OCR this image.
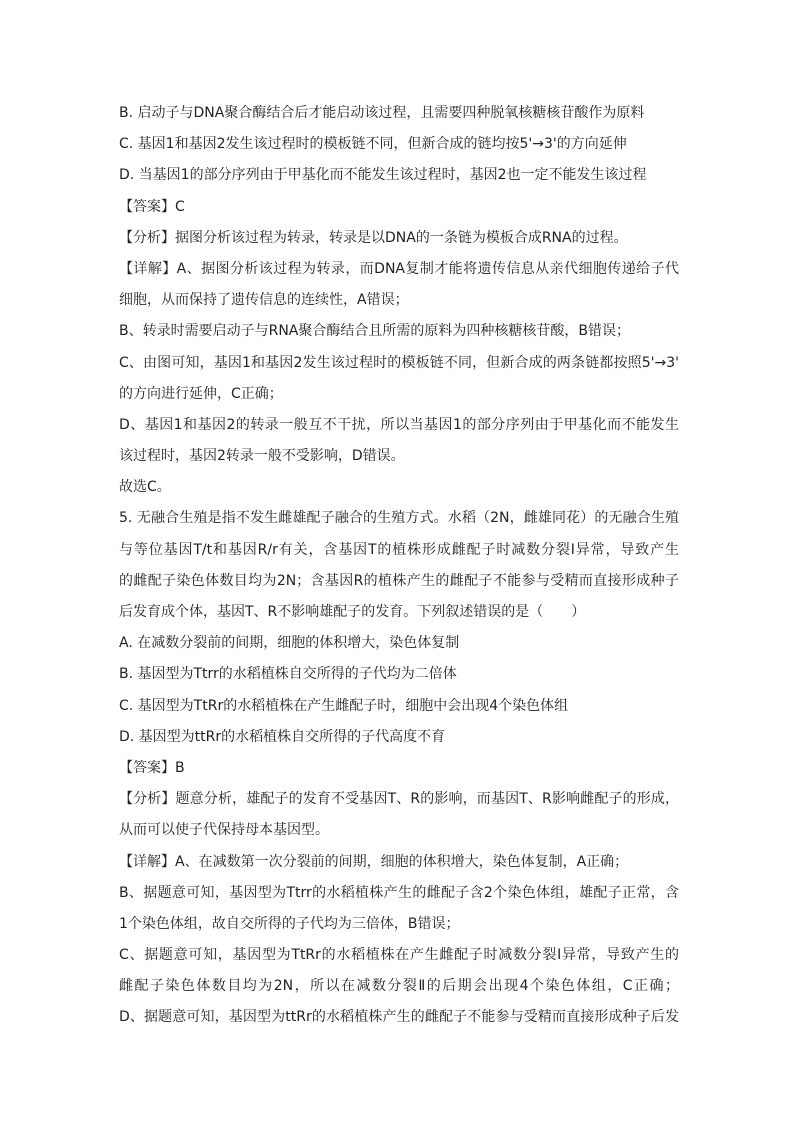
B. 启动子与DNA聚合酶结合后才能启动该过程，且需要四种脱氧核糖核苷酸作为原料
C. 基因1和基因2发生该过程时的模板链不同，但新合成的链均按5'→3'的方向延伸
D. 当基因1的部分序列由于甲基化而不能发生该过程时，基因2也一定不能发生该过程
【答案】C
【分析】据图分析该过程为转录，转录是以DNA的一条链为模板合成RNA的过程。
【详解】A、据图分析该过程为转录，而DNA复制才能将遗传信息从亲代细胞传递给子代
细胞，从而保持了遗传信息的连续性，A错误；
B、转录时需要启动子与RNA聚合酶结合且所需的原料为四种核糖核苷酸，B错误；
C、由图可知，基因1和基因2发生该过程时的模板链不同，但新合成的两条链都按照5'→3'
的方向进行延伸，C正确；
D、基因1和基因2的转录一般互不干扰，所以当基因1的部分序列由于甲基化而不能发生
该过程时，基因2转录一般不受影响，D错误。
故选C。
5. 无融合生殖是指不发生雌雄配子融合的生殖方式。水稻（2N，雌雄同花）的无融合生殖
与等位基因T/t和基因R/r有关，含基因T的植株形成雌配子时减数分裂Ⅰ异常，导致产生
的雌配子染色体数目均为2N；含基因R的植株产生的雌配子不能参与受精而直接形成种子
后发育成个体，基因T、R不影响雄配子的发育。下列叙述错误的是（　　）
A. 在减数分裂前的间期，细胞的体积增大，染色体复制
B. 基因型为Ttrr的水稻植株自交所得的子代均为二倍体
C. 基因型为TtRr的水稻植株在产生雌配子时，细胞中会出现4个染色体组
D. 基因型为ttRr的水稻植株自交所得的子代高度不育
【答案】B
【分析】题意分析，雄配子的发育不受基因T、R的影响，而基因T、R影响雌配子的形成，
从而可以使子代保持母本基因型。
【详解】A、在减数第一次分裂前的间期，细胞的体积增大，染色体复制，A正确；
B、据题意可知，基因型为Ttrr的水稻植株产生的雌配子含2个染色体组，雄配子正常，含
1个染色体组，故自交所得的子代均为三倍体，B错误；
C、据题意可知，基因型为TtRr的水稻植株在产生雌配子时减数分裂Ⅰ异常，导致产生的
雌配子染色体数目均为2N，所以在减数分裂Ⅱ的后期会出现4个染色体组，C正确；
D、据题意可知，基因型为ttRr的水稻植株产生的雌配子不能参与受精而直接形成种子后发
